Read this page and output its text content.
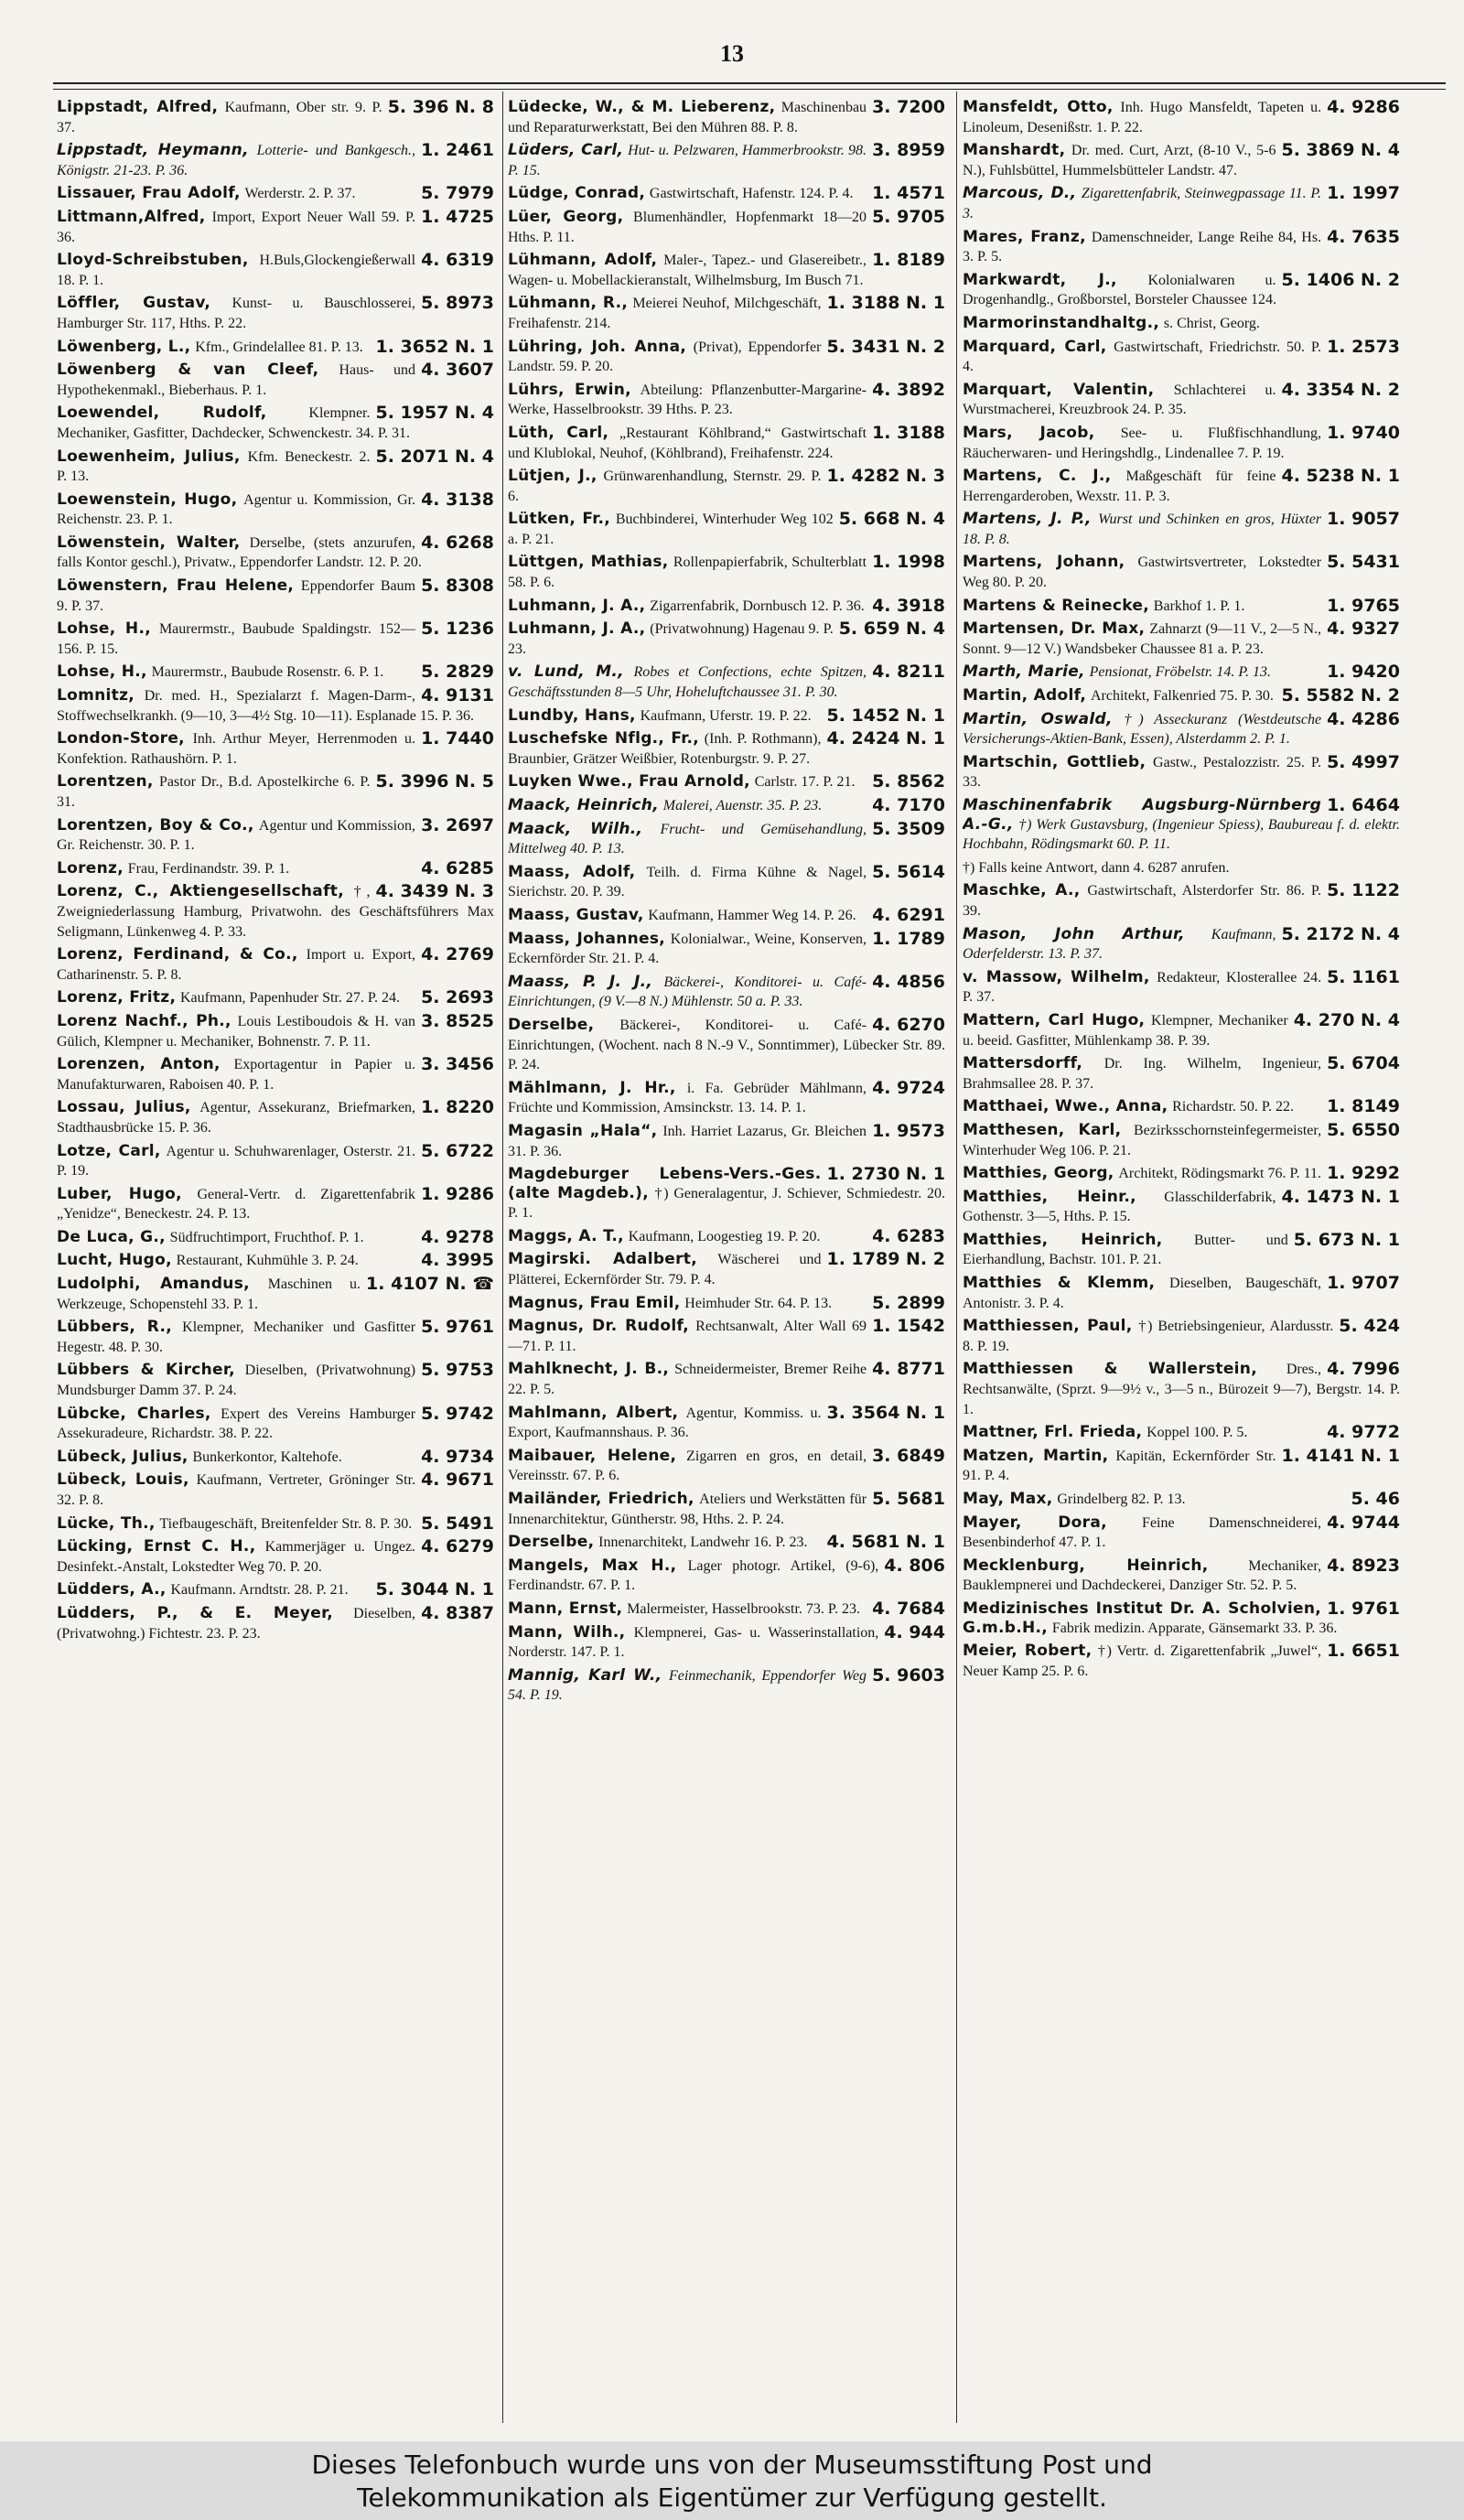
13
5. 396 N. 8
Lippstadt, Alfred, Kaufmann, Ober str. 9. P. 37.
1. 2461
Lippstadt, Heymann, Lotterie- und Bankgesch., Königstr. 21-23. P. 36.
5. 7979
Lissauer, Frau Adolf, Werderstr. 2. P. 37.
1. 4725
Littmann,Alfred, Import, Export Neuer Wall 59. P. 36.
4. 6319
Lloyd-Schreibstuben, H.Buls,Glockengießerwall 18. P. 1.
5. 8973
Löffler, Gustav, Kunst- u. Bauschlosserei, Hamburger Str. 117, Hths. P. 22.
1. 3652 N. 1
Löwenberg, L., Kfm., Grindelallee 81. P. 13.
4. 3607
Löwenberg & van Cleef, Haus- und Hypothekenmakl., Bieberhaus. P. 1.
5. 1957 N. 4
Loewendel, Rudolf,	Klempner. Mechaniker, Gasfitter, Dachdecker, Schwenckestr. 34. P. 31.
5. 2071 N. 4
Loewenheim, Julius, Kfm. Beneckestr. 2. P. 13.
4. 3138
Loewenstein, Hugo, Agentur u. Kommission, Gr. Reichenstr. 23. P. 1.
4. 6268
Löwenstein, Walter, Derselbe, (stets anzurufen, falls Kontor geschl.), Privatw., Eppendorfer Landstr. 12. P. 20.
5. 8308
Löwenstern, Frau Helene, Eppendorfer Baum 9. P. 37.
5. 1236
Lohse, H., Maurermstr., Baubude Spaldingstr. 152—156. P. 15.
5. 2829
Lohse, H., Maurermstr., Baubude Rosenstr. 6. P. 1.
4. 9131
Lomnitz, Dr. med. H., Spezialarzt f. Magen-Darm-, Stoffwechselkrankh. (9—10, 3—4½ Stg. 10—11). Esplanade 15. P. 36.
1. 7440
London-Store, Inh. Arthur Meyer, Herrenmoden u. Konfektion. Rathaushörn. P. 1.
5. 3996 N. 5
Lorentzen, Pastor Dr., B.d. Apostelkirche 6. P. 31.
3. 2697
Lorentzen, Boy & Co., Agentur und Kommission, Gr. Reichenstr. 30. P. 1.
4. 6285
Lorenz, Frau, Ferdinandstr. 39. P. 1.
4. 3439 N. 3
Lorenz, C., Aktiengesellschaft, †, Zweigniederlassung Hamburg, Privatwohn. des Geschäftsführers Max Seligmann, Lünkenweg 4. P. 33.
4. 2769
Lorenz, Ferdinand, & Co., Import u. Export, Catharinenstr. 5. P. 8.
5. 2693
Lorenz, Fritz, Kaufmann, Papenhuder Str. 27. P. 24.
3. 8525
Lorenz Nachf., Ph., Louis Lestiboudois & H. van Gülich, Klempner u. Mechaniker, Bohnenstr. 7. P. 11.
3. 3456
Lorenzen, Anton, Exportagentur in Papier u. Manufakturwaren, Raboisen 40. P. 1.
1. 8220
Lossau, Julius, Agentur, Assekuranz, Briefmarken, Stadthausbrücke 15. P. 36.
5. 6722
Lotze, Carl, Agentur u. Schuhwarenlager, Osterstr. 21. P. 19.
1. 9286
Luber, Hugo, General-Vertr. d. Zigarettenfabrik „Yenidze“, Beneckestr. 24. P. 13.
4. 9278
De Luca, G., Südfruchtimport, Fruchthof. P. 1.
4. 3995
Lucht, Hugo, Restaurant, Kuhmühle 3. P. 24.
1. 4107 N. ☎
Ludolphi, Amandus, Maschinen u. Werkzeuge, Schopenstehl 33. P. 1.
5. 9761
Lübbers, R., Klempner, Mechaniker und Gasfitter Hegestr. 48. P. 30.
5. 9753
Lübbers & Kircher, Dieselben, (Privatwohnung) Mundsburger Damm 37. P. 24.
5. 9742
Lübcke, Charles, Expert des Vereins Hamburger Assekuradeure, Richardstr. 38. P. 22.
4. 9734
Lübeck, Julius, Bunkerkontor, Kaltehofe.
4. 9671
Lübeck, Louis, Kaufmann, Vertreter, Gröninger Str. 32. P. 8.
5. 5491
Lücke, Th., Tiefbaugeschäft, Breitenfelder Str. 8. P. 30.
4. 6279
Lücking, Ernst C. H., Kammerjäger u. Ungez. Desinfekt.-Anstalt, Lokstedter Weg 70. P. 20.
5. 3044 N. 1
Lüdders, A., Kaufmann. Arndtstr. 28. P. 21.
4. 8387
Lüdders, P., & E. Meyer, Dieselben, (Privatwohng.) Fichtestr. 23. P. 23.
3. 7200
Lüdecke, W., & M. Lieberenz, Maschinenbau und Reparaturwerkstatt, Bei den Mühren 88. P. 8.
3. 8959
Lüders, Carl, Hut- u. Pelzwaren, Hammerbrookstr. 98. P. 15.
1. 4571
Lüdge, Conrad, Gastwirtschaft, Hafenstr. 124. P. 4.
5. 9705
Lüer, Georg, Blumenhändler, Hopfenmarkt 18—20 Hths. P. 11.
1. 8189
Lühmann, Adolf, Maler-, Tapez.- und Glasereibetr., Wagen- u. Mobellackieranstalt, Wilhelmsburg, Im Busch 71.
1. 3188 N. 1
Lühmann, R., Meierei Neuhof, Milchgeschäft, Freihafenstr. 214.
5. 3431 N. 2
Lühring, Joh. Anna, (Privat), Eppendorfer Landstr. 59. P. 20.
4. 3892
Lührs, Erwin, Abteilung: Pflanzenbutter-Margarine-Werke, Hasselbrookstr. 39 Hths. P. 23.
1. 3188
Lüth, Carl, „Restaurant Köhlbrand,“ Gastwirtschaft und Klublokal, Neuhof, (Köhlbrand), Freihafenstr. 224.
1. 4282 N. 3
Lütjen, J., Grünwarenhandlung, Sternstr. 29. P. 6.
5. 668 N. 4
Lütken, Fr., Buchbinderei, Winterhuder Weg 102 a. P. 21.
1. 1998
Lüttgen, Mathias, Rollenpapierfabrik, Schulterblatt 58. P. 6.
4. 3918
Luhmann, J. A., Zigarrenfabrik, Dornbusch 12. P. 36.
5. 659 N. 4
Luhmann, J. A., (Privatwohnung) Hagenau 9. P. 23.
4. 8211
v. Lund, M., Robes et Confections, echte Spitzen, Geschäftsstunden 8—5 Uhr, Hoheluftchaussee 31. P. 30.
5. 1452 N. 1
Lundby, Hans, Kaufmann, Uferstr. 19. P. 22.
4. 2424 N. 1
Luschefske Nflg., Fr., (Inh. P. Rothmann), Braunbier, Grätzer Weißbier, Rotenburgstr. 9. P. 27.
5. 8562
Luyken Wwe., Frau Arnold, Carlstr. 17. P. 21.
4. 7170
Maack, Heinrich, Malerei, Auenstr. 35. P. 23.
5. 3509
Maack, Wilh., Frucht- und Gemüsehandlung, Mittelweg 40. P. 13.
5. 5614
Maass, Adolf, Teilh. d. Firma Kühne & Nagel, Sierichstr. 20. P. 39.
4. 6291
Maass, Gustav, Kaufmann, Hammer Weg 14. P. 26.
1. 1789
Maass, Johannes, Kolonialwar., Weine, Konserven, Eckernförder Str. 21. P. 4.
4. 4856
Maass, P. J. J., Bäckerei-, Konditorei- u. Café-Einrichtungen, (9 V.—8 N.) Mühlenstr. 50 a. P. 33.
4. 6270
Derselbe, Bäckerei-, Konditorei- u. Café-Einrichtungen, (Wochent. nach 8 N.-9 V., Sonntimmer), Lübecker Str. 89. P. 24.
4. 9724
Mählmann, J. Hr., i. Fa. Gebrüder Mählmann, Früchte und Kommission, Amsinckstr. 13. 14. P. 1.
1. 9573
Magasin „Hala“, Inh. Harriet Lazarus, Gr. Bleichen 31. P. 36.
1. 2730 N. 1
Magdeburger Lebens-Vers.-Ges. (alte Magdeb.), †) Generalagentur, J. Schiever, Schmiedestr. 20. P. 1.
4. 6283
Maggs, A. T., Kaufmann, Loogestieg 19. P. 20.
1. 1789 N. 2
Magirski. Adalbert, Wäscherei und Plätterei, Eckernförder Str. 79. P. 4.
5. 2899
Magnus, Frau Emil, Heimhuder Str. 64. P. 13.
1. 1542
Magnus, Dr. Rudolf, Rechtsanwalt, Alter Wall 69—71. P. 11.
4. 8771
Mahlknecht, J. B., Schneidermeister, Bremer Reihe 22. P. 5.
3. 3564 N. 1
Mahlmann, Albert, Agentur, Kommiss. u. Export, Kaufmannshaus. P. 36.
3. 6849
Maibauer, Helene, Zigarren en gros, en detail, Vereinsstr. 67. P. 6.
5. 5681
Mailänder, Friedrich, Ateliers und Werkstätten für Innenarchitektur, Güntherstr. 98, Hths. 2. P. 24.
4. 5681 N. 1
Derselbe, Innenarchitekt, Landwehr 16. P. 23.
4. 806
Mangels, Max H., Lager photogr. Artikel, (9-6), Ferdinandstr. 67. P. 1.
4. 7684
Mann, Ernst, Malermeister, Hasselbrookstr. 73. P. 23.
4. 944
Mann, Wilh., Klempnerei, Gas- u. Wasserinstallation, Norderstr. 147. P. 1.
5. 9603
Mannig, Karl W., Feinmechanik, Eppendorfer Weg 54. P. 19.
4. 9286
Mansfeldt, Otto, Inh. Hugo Mansfeldt, Tapeten u. Linoleum, Desenißstr. 1. P. 22.
5. 3869 N. 4
Manshardt, Dr. med. Curt, Arzt, (8-10 V., 5-6 N.), Fuhlsbüttel, Hummelsbütteler Landstr. 47.
1. 1997
Marcous, D., Zigarettenfabrik, Steinwegpassage 11. P. 3.
4. 7635
Mares, Franz, Damenschneider, Lange Reihe 84, Hs. 3. P. 5.
5. 1406 N. 2
Markwardt, J., Kolonialwaren u. Drogenhandlg., Großborstel, Borsteler Chaussee 124.
Marmorinstandhaltg., s. Christ, Georg.
1. 2573
Marquard, Carl, Gastwirtschaft, Friedrichstr. 50. P. 4.
4. 3354 N. 2
Marquart, Valentin, Schlachterei u. Wurstmacherei, Kreuzbrook 24. P. 35.
1. 9740
Mars, Jacob, See- u. Flußfischhandlung, Räucherwaren- und Heringshdlg., Lindenallee 7. P. 19.
4. 5238 N. 1
Martens, C. J., Maßgeschäft für feine Herrengarderoben, Wexstr. 11. P. 3.
1. 9057
Martens, J. P., Wurst und Schinken en gros, Hüxter 18. P. 8.
5. 5431
Martens, Johann, Gastwirtsvertreter, Lokstedter Weg 80. P. 20.
1. 9765
Martens & Reinecke, Barkhof 1. P. 1.
4. 9327
Martensen, Dr. Max, Zahnarzt (9—11 V., 2—5 N., Sonnt. 9—12 V.) Wandsbeker Chaussee 81 a. P. 23.
1. 9420
Marth, Marie, Pensionat, Fröbelstr. 14. P. 13.
5. 5582 N. 2
Martin, Adolf, Architekt, Falkenried 75. P. 30.
4. 4286
Martin, Oswald, †) Asseckuranz (Westdeutsche Versicherungs-Aktien-Bank, Essen), Alsterdamm 2. P. 1.
5. 4997
Martschin, Gottlieb, Gastw., Pestalozzistr. 25. P. 33.
1. 6464
Maschinenfabrik Augsburg-Nürnberg A.-G., †) Werk Gustavsburg, (Ingenieur Spiess), Baubureau f. d. elektr. Hochbahn, Rödingsmarkt 60. P. 11.
†) Falls keine Antwort, dann 4. 6287 anrufen.
5. 1122
Maschke, A., Gastwirtschaft, Alsterdorfer Str. 86. P. 39.
5. 2172 N. 4
Mason, John Arthur, Kaufmann, Oderfelderstr. 13. P. 37.
5. 1161
v. Massow, Wilhelm, Redakteur, Klosterallee 24. P. 37.
4. 270 N. 4
Mattern, Carl Hugo, Klempner, Mechaniker u. beeid. Gasfitter, Mühlenkamp 38. P. 39.
5. 6704
Mattersdorff, Dr. Ing. Wilhelm, Ingenieur, Brahmsallee 28. P. 37.
1. 8149
Matthaei, Wwe., Anna, Richardstr. 50. P. 22.
5. 6550
Matthesen, Karl, Bezirksschornsteinfegermeister, Winterhuder Weg 106. P. 21.
1. 9292
Matthies, Georg, Architekt, Rödingsmarkt 76. P. 11.
4. 1473 N. 1
Matthies, Heinr., Glasschilderfabrik, Gothenstr. 3—5, Hths. P. 15.
5. 673 N. 1
Matthies, Heinrich, Butter- und Eierhandlung, Bachstr. 101. P. 21.
1. 9707
Matthies & Klemm, Dieselben, Baugeschäft, Antonistr. 3. P. 4.
5. 424
Matthiessen, Paul, †) Betriebsingenieur, Alardusstr. 8. P. 19.
4. 7996
Matthiessen & Wallerstein, Dres., Rechtsanwälte, (Sprzt. 9—9½ v., 3—5 n., Bürozeit 9—7), Bergstr. 14. P. 1.
4. 9772
Mattner, Frl. Frieda, Koppel 100. P. 5.
1. 4141 N. 1
Matzen, Martin, Kapitän, Eckernförder Str. 91. P. 4.
5. 46
May, Max, Grindelberg 82. P. 13.
4. 9744
Mayer, Dora, Feine Damenschneiderei, Besenbinderhof 47. P. 1.
4. 8923
Mecklenburg, Heinrich,	Mechaniker, Bauklempnerei und Dachdeckerei, Danziger Str. 52. P. 5.
1. 9761
Medizinisches Institut Dr. A. Scholvien, G.m.b.H., Fabrik medizin. Apparate, Gänsemarkt 33. P. 36.
1. 6651
Meier, Robert, †) Vertr. d. Zigarettenfabrik „Juwel“, Neuer Kamp 25. P. 6.
Dieses Telefonbuch wurde uns von der Museumsstiftung Post und
Telekommunikation als Eigentümer zur Verfügung gestellt.
